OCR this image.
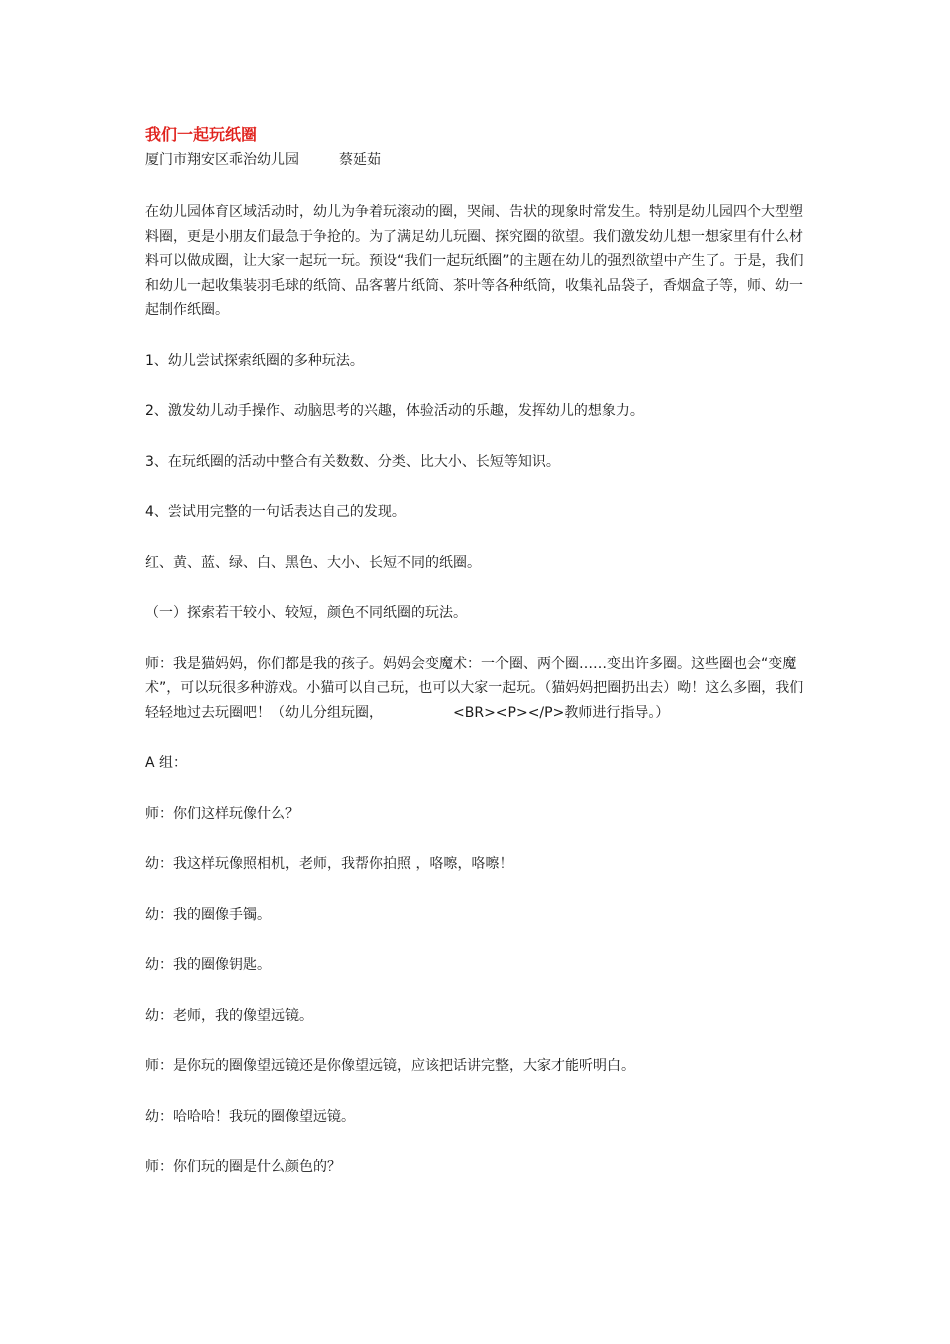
我们一起玩纸圈

厦门市翔安区乖治幼儿园	蔡延茹

在幼儿园体育区域活动时，幼儿为争着玩滚动的圈，哭闹、告状的现象时常发生。特别是幼儿园四个大型塑料圈，更是小朋友们最急于争抢的。为了满足幼儿玩圈、探究圈的欲望。我们激发幼儿想一想家里有什么材料可以做成圈，让大家一起玩一玩。预设“我们一起玩纸圈”的主题在幼儿的强烈欲望中产生了。于是，我们和幼儿一起收集装羽毛球的纸筒、品客薯片纸筒、茶叶等各种纸筒，收集礼品袋子，香烟盒子等，师、幼一起制作纸圈。

1、幼儿尝试探索纸圈的多种玩法。

2、激发幼儿动手操作、动脑思考的兴趣，体验活动的乐趣，发挥幼儿的想象力。

3、在玩纸圈的活动中整合有关数数、分类、比大小、长短等知识。

4、尝试用完整的一句话表达自己的发现。

红、黄、蓝、绿、白、黑色、大小、长短不同的纸圈。

（一）探索若干较小、较短，颜色不同纸圈的玩法。

师：我是猫妈妈，你们都是我的孩子。妈妈会变魔术：一个圈、两个圈……变出许多圈。这些圈也会“变魔术”，可以玩很多种游戏。小猫可以自己玩，也可以大家一起玩。（猫妈妈把圈扔出去）呦！这么多圈，我们轻轻地过去玩圈吧！（幼儿分组玩圈，	<BR><P></P>教师进行指导。）

A 组：

师：你们这样玩像什么？

幼：我这样玩像照相机，老师，我帮你拍照 ，咯嚓，咯嚓！

幼：我的圈像手镯。

幼：我的圈像钥匙。

幼：老师，我的像望远镜。

师：是你玩的圈像望远镜还是你像望远镜，应该把话讲完整，大家才能听明白。

幼：哈哈哈！我玩的圈像望远镜。

师：你们玩的圈是什么颜色的？
